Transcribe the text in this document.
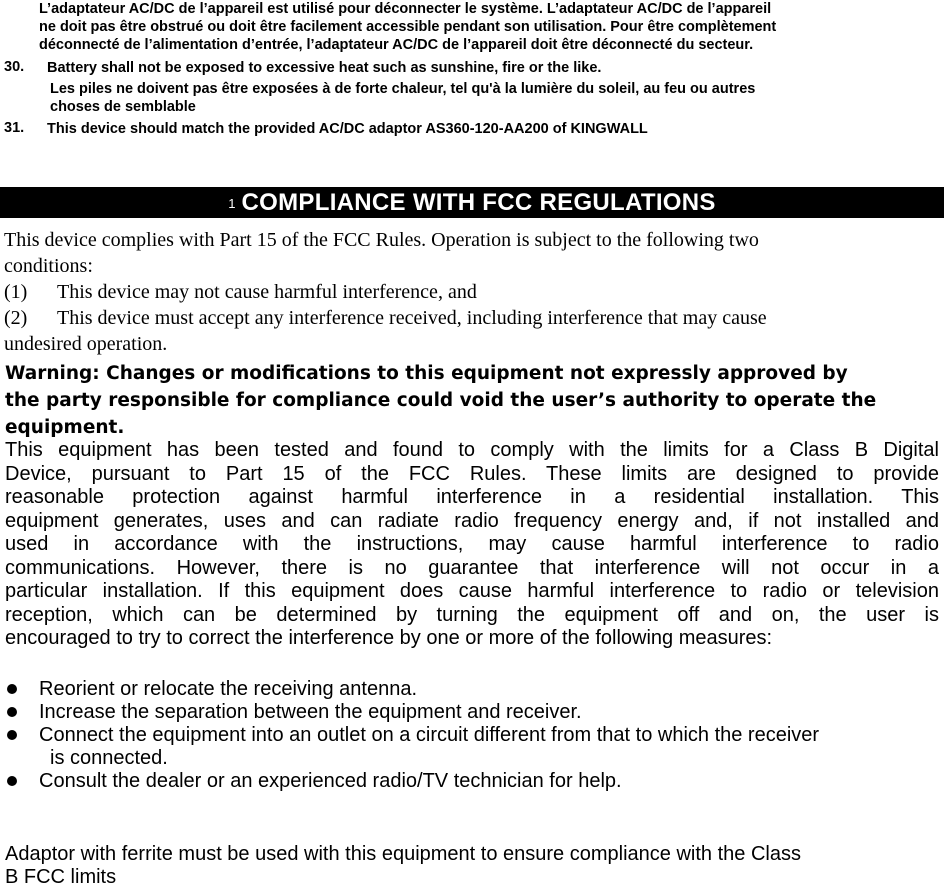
L’adaptateur AC/DC de l’appareil est utilisé pour déconnecter le système. L’adaptateur AC/DC de l’appareil
ne doit pas être obstrué ou doit être facilement accessible pendant son utilisation. Pour être complètement
déconnecté de l’alimentation d’entrée, l’adaptateur AC/DC de l’appareil doit être déconnecté du secteur.
30. Battery shall not be exposed to excessive heat such as sunshine, fire or the like.
Les piles ne doivent pas être exposées à de forte chaleur, tel qu'à la lumière du soleil, au feu ou autres
choses de semblable
31. This device should match the provided AC/DC adaptor AS360-120-AA200 of KINGWALL
1 COMPLIANCE WITH FCC REGULATIONS
This device complies with Part 15 of the FCC Rules. Operation is subject to the following two
conditions:
(1) This device may not cause harmful interference, and
(2) This device must accept any interference received, including interference that may cause
undesired operation.
Warning: Changes or modifications to this equipment not expressly approved by
the party responsible for compliance could void the user’s authority to operate the
equipment.

This equipment has been tested and found to comply with the limits for a Class B Digital

Device, pursuant to Part 15 of the FCC Rules. These limits are designed to provide

reasonable protection against harmful interference in a residential installation. This

equipment generates, uses and can radiate radio frequency energy and, if not installed and

used in accordance with the instructions, may cause harmful interference to radio

communications. However, there is no guarantee that interference will not occur in a

particular installation. If this equipment does cause harmful interference to radio or television

reception, which can be determined by turning the equipment off and on, the user is

encouraged to try to correct the interference by one or more of the following measures:

Reorient or relocate the receiving antenna.
Increase the separation between the equipment and receiver.
Connect the equipment into an outlet on a circuit different from that to which the receiver
is connected.
Consult the dealer or an experienced radio/TV technician for help.
Adaptor with ferrite must be used with this equipment to ensure compliance with the Class
B FCC limits
